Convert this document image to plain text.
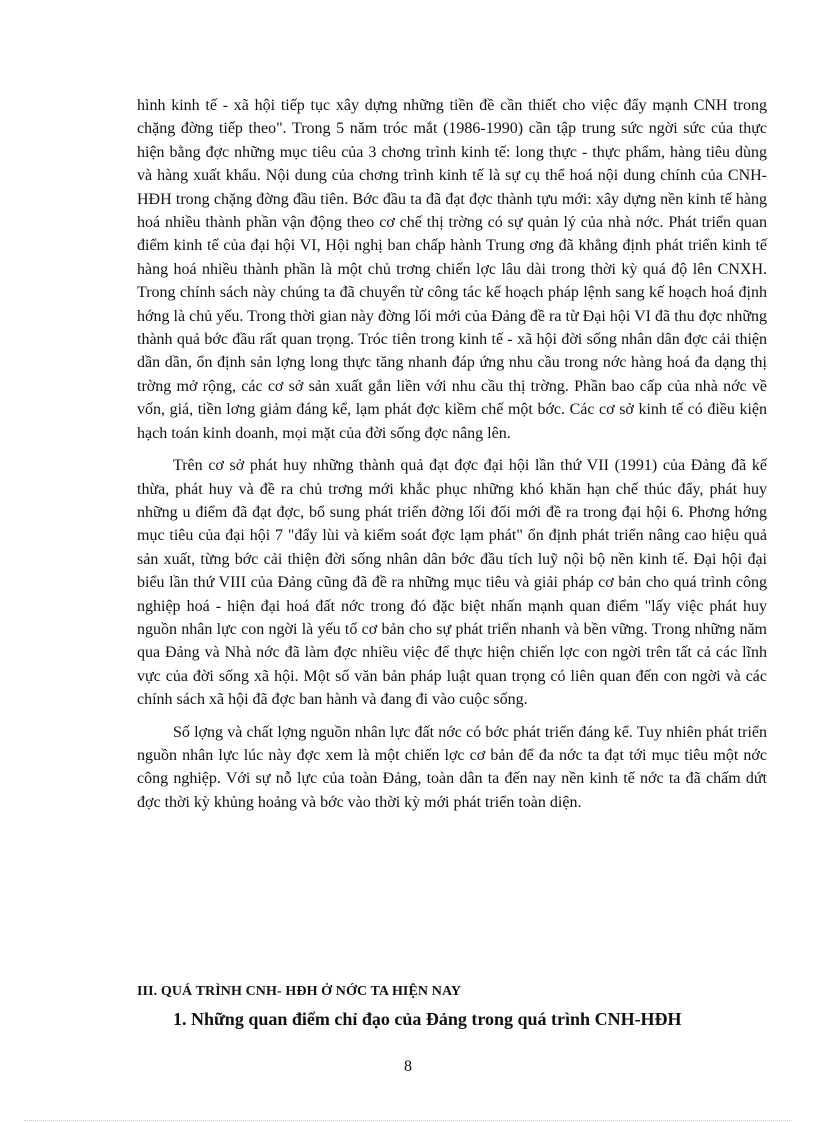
hình kinh tế - xã hội tiếp tục xây dựng những tiền đề cần thiết cho việc đẩy mạnh CNH trong chặng đờng tiếp theo". Trong 5 năm tróc mắt (1986-1990) cần tập trung sức ngời sức của thực hiện bằng đợc những mục tiêu của 3 chơng trình kinh tế: long thực - thực phẩm, hàng tiêu dùng và hàng xuất khẩu. Nội dung của chơng trình kinh tế là sự cụ thể hoá nội dung chính của CNH-HĐH trong chặng đờng đầu tiên. Bớc đầu ta đã đạt đợc thành tựu mới: xây dựng nền kinh tế hàng hoá nhiều thành phần vận động theo cơ chế thị trờng có sự quản lý của nhà nớc. Phát triển quan điểm kinh tế của đại hội VI, Hội nghị ban chấp hành Trung ơng đã khẳng định phát triển kinh tế hàng hoá nhiều thành phần là một chủ trơng chiến lợc lâu dài trong thời kỳ quá độ lên CNXH. Trong chính sách này chúng ta đã chuyển từ công tác kế hoạch pháp lệnh sang kế hoạch hoá định hớng là chủ yếu. Trong thời gian này đờng lối mới của Đảng đề ra từ Đại hội VI đã thu đợc những thành quả bớc đầu rất quan trọng. Tróc tiên trong kinh tế - xã hội đời sống nhân dân đợc cải thiện dần dần, ổn định sản lợng long thực tăng nhanh đáp ứng nhu cầu trong nớc hàng hoá đa dạng thị trờng mở rộng, các cơ sở sản xuất gắn liền với nhu cầu thị trờng. Phần bao cấp của nhà nớc về vốn, giá, tiền lơng giảm đáng kể, lạm phát đợc kiềm chế một bớc. Các cơ sở kinh tế có điều kiện hạch toán kinh doanh, mọi mặt của đời sống đợc nâng lên.

Trên cơ sở phát huy những thành quả đạt đợc đại hội lần thứ VII (1991) của Đảng đã kế thừa, phát huy và đề ra chủ trơng mới khắc phục những khó khăn hạn chế thúc đẩy, phát huy những u điểm đã đạt đợc, bổ sung phát triển đờng lối đổi mới đề ra trong đại hội 6. Phơng hớng mục tiêu của đại hội 7 "đẩy lùi và kiểm soát đợc lạm phát" ổn định phát triển nâng cao hiệu quả sản xuất, từng bớc cải thiện đời sống nhân dân bớc đầu tích luỹ nội bộ nền kinh tế. Đại hội đại biểu lần thứ VIII của Đảng cũng đã đề ra những mục tiêu và giải pháp cơ bản cho quá trình công nghiệp hoá - hiện đại hoá đất nớc trong đó đặc biệt nhấn mạnh quan điểm "lấy việc phát huy nguồn nhân lực con ngời là yếu tố cơ bản cho sự phát triển nhanh và bền vững. Trong những năm qua Đảng và Nhà nớc đã làm đợc nhiều việc để thực hiện chiến lợc con ngời trên tất cả các lĩnh vực của đời sống xã hội. Một số văn bản pháp luật quan trọng có liên quan đến con ngời và các chính sách xã hội đã đợc ban hành và đang đi vào cuộc sống.

Số lợng và chất lợng nguồn nhân lực đất nớc có bớc phát triển đáng kể. Tuy nhiên phát triển nguồn nhân lực lúc này đợc xem là một chiến lợc cơ bản để đa nớc ta đạt tới mục tiêu một nớc công nghiệp. Với sự nỗ lực của toàn Đảng, toàn dân ta đến nay nền kinh tế nớc ta đã chấm dứt đợc thời kỳ khủng hoảng và bớc vào thời kỳ mới phát triển toàn diện.

III. QUÁ TRÌNH CNH- HĐH Ở NỚC TA HIỆN NAY
1. Những quan điểm chỉ đạo của Đảng trong quá trình CNH-HĐH
8
